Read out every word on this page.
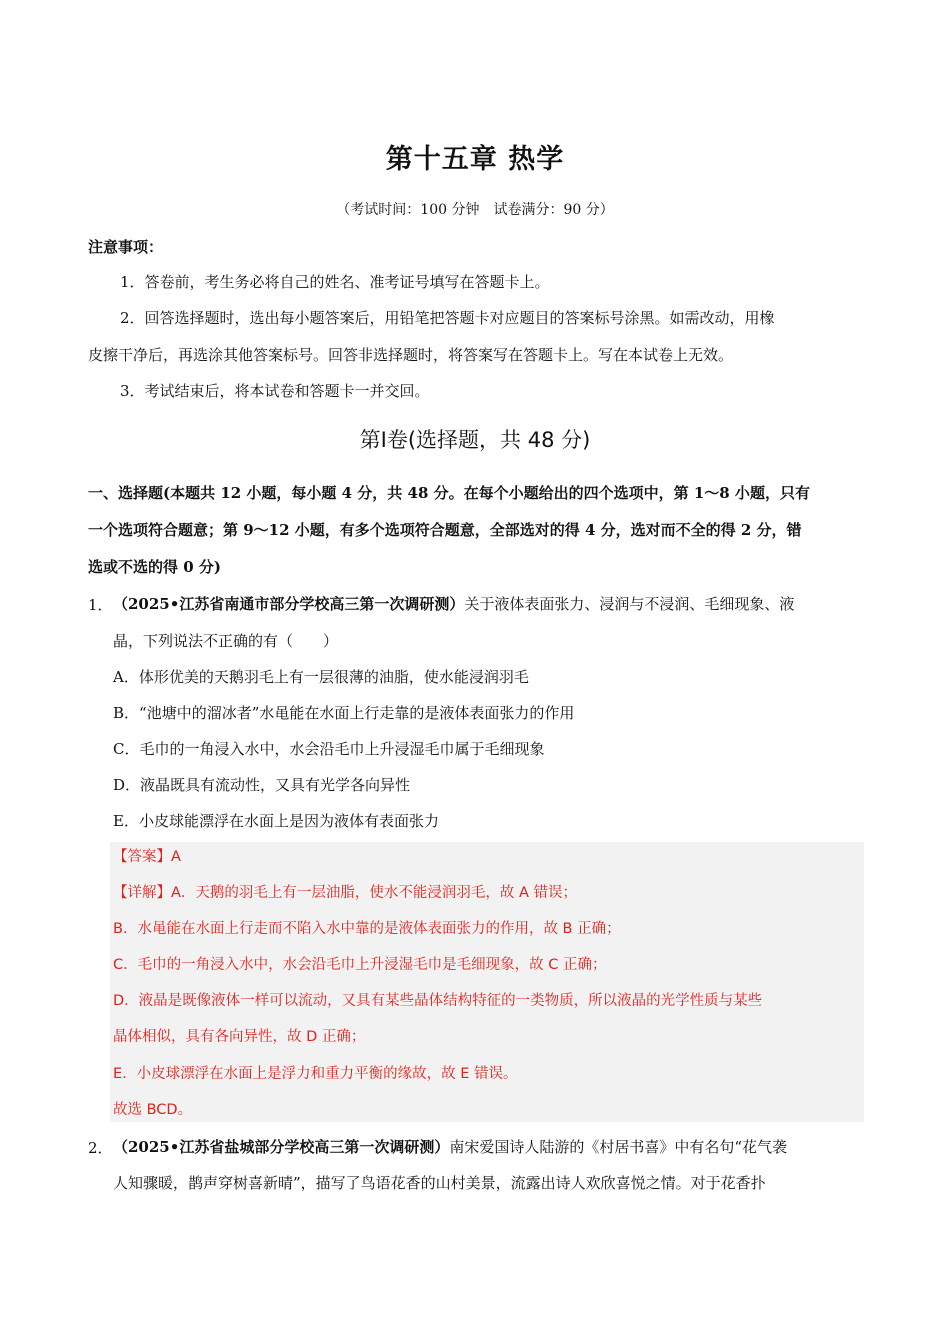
第十五章 热学
（考试时间：100 分钟　试卷满分：90 分）
注意事项：
1．答卷前，考生务必将自己的姓名、准考证号填写在答题卡上。
2．回答选择题时，选出每小题答案后，用铅笔把答题卡对应题目的答案标号涂黑。如需改动，用橡
皮擦干净后，再选涂其他答案标号。回答非选择题时，将答案写在答题卡上。写在本试卷上无效。
3．考试结束后，将本试卷和答题卡一并交回。
第Ⅰ卷(选择题，共 48 分)
一、选择题(本题共 12 小题，每小题 4 分，共 48 分。在每个小题给出的四个选项中，第 1～8 小题，只有
一个选项符合题意；第 9～12 小题，有多个选项符合题意，全部选对的得 4 分，选对而不全的得 2 分，错
选或不选的得 0 分)
1． （2025•江苏省南通市部分学校高三第一次调研测）关于液体表面张力、浸润与不浸润、毛细现象、液
晶，下列说法不正确的有（　　）
A．体形优美的天鹅羽毛上有一层很薄的油脂，使水能浸润羽毛
B．“池塘中的溜冰者”水黾能在水面上行走靠的是液体表面张力的作用
C．毛巾的一角浸入水中，水会沿毛巾上升浸湿毛巾属于毛细现象
D．液晶既具有流动性，又具有光学各向异性
E．小皮球能漂浮在水面上是因为液体有表面张力
【答案】A
【详解】A．天鹅的羽毛上有一层油脂，使水不能浸润羽毛，故 A 错误；
B．水黾能在水面上行走而不陷入水中靠的是液体表面张力的作用，故 B 正确；
C．毛巾的一角浸入水中，水会沿毛巾上升浸湿毛巾是毛细现象，故 C 正确；
D．液晶是既像液体一样可以流动，又具有某些晶体结构特征的一类物质，所以液晶的光学性质与某些
晶体相似，具有各向异性，故 D 正确；
E．小皮球漂浮在水面上是浮力和重力平衡的缘故，故 E 错误。
故选 BCD。
2． （2025•江苏省盐城部分学校高三第一次调研测）南宋爱国诗人陆游的《村居书喜》中有名句“花气袭
人知骤暖，鹊声穿树喜新晴”，描写了鸟语花香的山村美景，流露出诗人欢欣喜悦之情。对于花香扑
